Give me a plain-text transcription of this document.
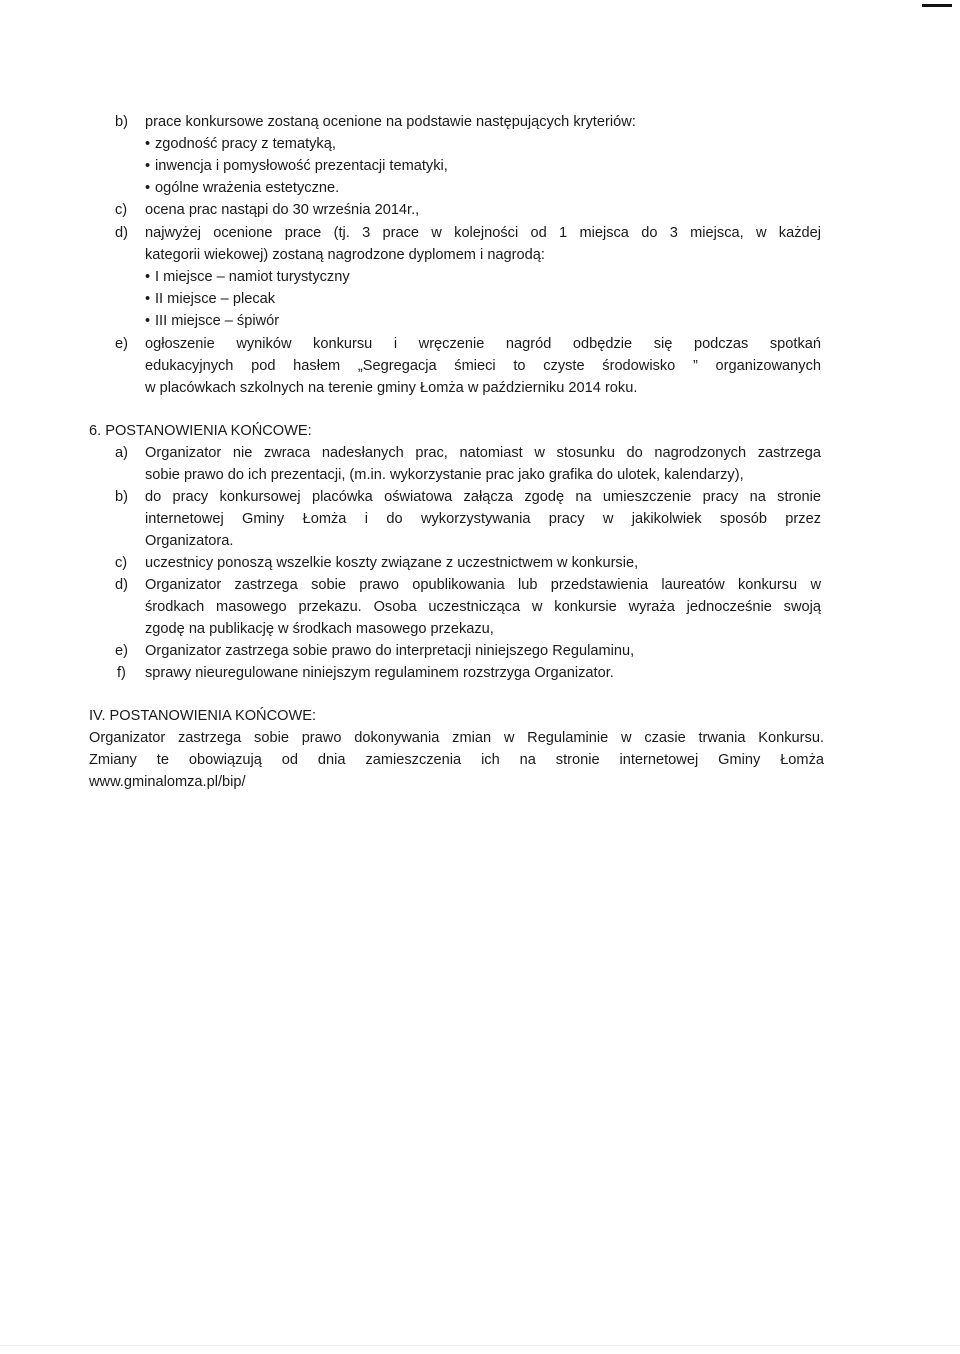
b) prace konkursowe zostaną ocenione na podstawie następujących kryteriów:
• zgodność pracy z tematyką,
• inwencja i pomysłowość prezentacji tematyki,
• ogólne wrażenia estetyczne.
c) ocena prac nastąpi do 30 września 2014r.,
d) najwyżej ocenione prace (tj. 3 prace w kolejności od 1 miejsca do 3 miejsca, w każdej
kategorii wiekowej) zostaną nagrodzone dyplomem i nagrodą:
• I miejsce – namiot turystyczny
• II miejsce – plecak
• III miejsce – śpiwór
e) ogłoszenie wyników konkursu i wręczenie nagród odbędzie się podczas spotkań
edukacyjnych pod hasłem „Segregacja śmieci to czyste środowisko ” organizowanych
w placówkach szkolnych na terenie gminy Łomża w październiku 2014 roku.
6. POSTANOWIENIA KOŃCOWE:
a) Organizator nie zwraca nadesłanych prac, natomiast w stosunku do nagrodzonych zastrzega
sobie prawo do ich prezentacji, (m.in. wykorzystanie prac jako grafika do ulotek, kalendarzy),
b) do pracy konkursowej placówka oświatowa załącza zgodę na umieszczenie pracy na stronie
internetowej Gminy Łomża i do wykorzystywania pracy w jakikolwiek sposób przez
Organizatora.
c) uczestnicy ponoszą wszelkie koszty związane z uczestnictwem w konkursie,
d) Organizator zastrzega sobie prawo opublikowania lub przedstawienia laureatów konkursu w
środkach masowego przekazu. Osoba uczestnicząca w konkursie wyraża jednocześnie swoją
zgodę na publikację w środkach masowego przekazu,
e) Organizator zastrzega sobie prawo do interpretacji niniejszego Regulaminu,
f) sprawy nieuregulowane niniejszym regulaminem rozstrzyga Organizator.
IV. POSTANOWIENIA KOŃCOWE:
Organizator zastrzega sobie prawo dokonywania zmian w Regulaminie w czasie trwania Konkursu.
Zmiany te obowiązują od dnia zamieszczenia ich na stronie internetowej Gminy Łomża
www.gminalomza.pl/bip/
